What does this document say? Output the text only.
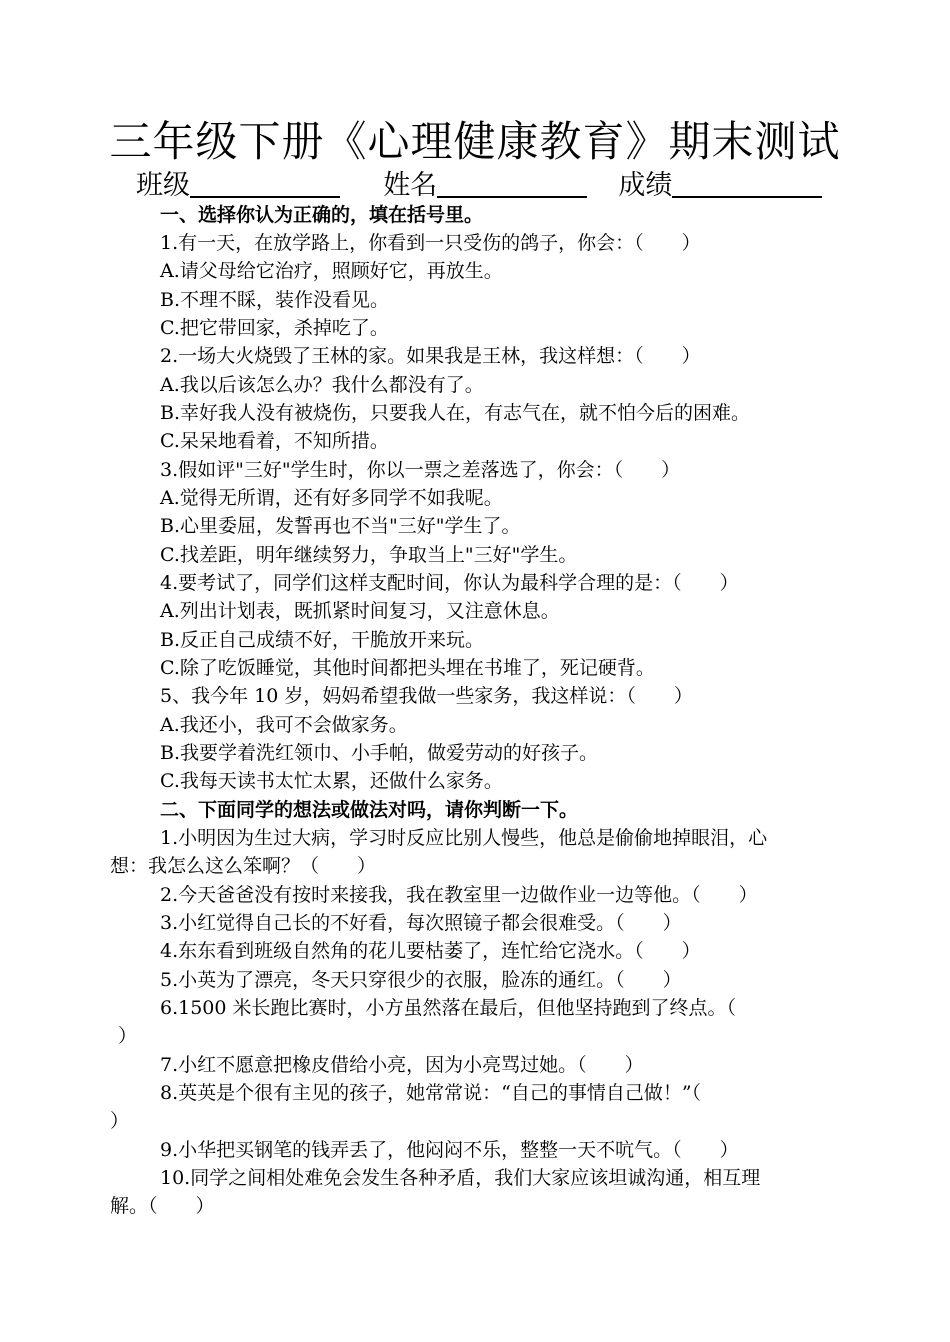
三年级下册《心理健康教育》期末测试
班级	姓名	成绩
一、选择你认为正确的，填在括号里。
1.有一天，在放学路上，你看到一只受伤的鸽子，你会：（　　）
A.请父母给它治疗，照顾好它，再放生。
B.不理不睬，装作没看见。
C.把它带回家，杀掉吃了。
2.一场大火烧毁了王林的家。如果我是王林，我这样想：（　　）
A.我以后该怎么办？我什么都没有了。
B.幸好我人没有被烧伤，只要我人在，有志气在，就不怕今后的困难。
C.呆呆地看着，不知所措。
3.假如评"三好"学生时，你以一票之差落选了，你会：（　　）
A.觉得无所谓，还有好多同学不如我呢。
B.心里委屈，发誓再也不当"三好"学生了。
C.找差距，明年继续努力，争取当上"三好"学生。
4.要考试了，同学们这样支配时间，你认为最科学合理的是：（　　）
A.列出计划表，既抓紧时间复习，又注意休息。
B.反正自己成绩不好，干脆放开来玩。
C.除了吃饭睡觉，其他时间都把头埋在书堆了，死记硬背。
5、我今年 10 岁，妈妈希望我做一些家务，我这样说：（　　）
A.我还小，我可不会做家务。
B.我要学着洗红领巾、小手帕，做爱劳动的好孩子。
C.我每天读书太忙太累，还做什么家务。
二、下面同学的想法或做法对吗，请你判断一下。
1.小明因为生过大病，学习时反应比别人慢些，他总是偷偷地掉眼泪，心
想：我怎么这么笨啊？（　　）
2.今天爸爸没有按时来接我，我在教室里一边做作业一边等他。（　　）
3.小红觉得自己长的不好看，每次照镜子都会很难受。（　　）
4.东东看到班级自然角的花儿要枯萎了，连忙给它浇水。（　　）
5.小英为了漂亮，冬天只穿很少的衣服，脸冻的通红。（　　）
6.1500 米长跑比赛时，小方虽然落在最后，但他坚持跑到了终点。（
）
7.小红不愿意把橡皮借给小亮，因为小亮骂过她。（　　）
8.英英是个很有主见的孩子，她常常说：“自己的事情自己做！”（
）
9.小华把买钢笔的钱弄丢了，他闷闷不乐，整整一天不吭气。（　　）
10.同学之间相处难免会发生各种矛盾，我们大家应该坦诚沟通，相互理
解。（　　）
